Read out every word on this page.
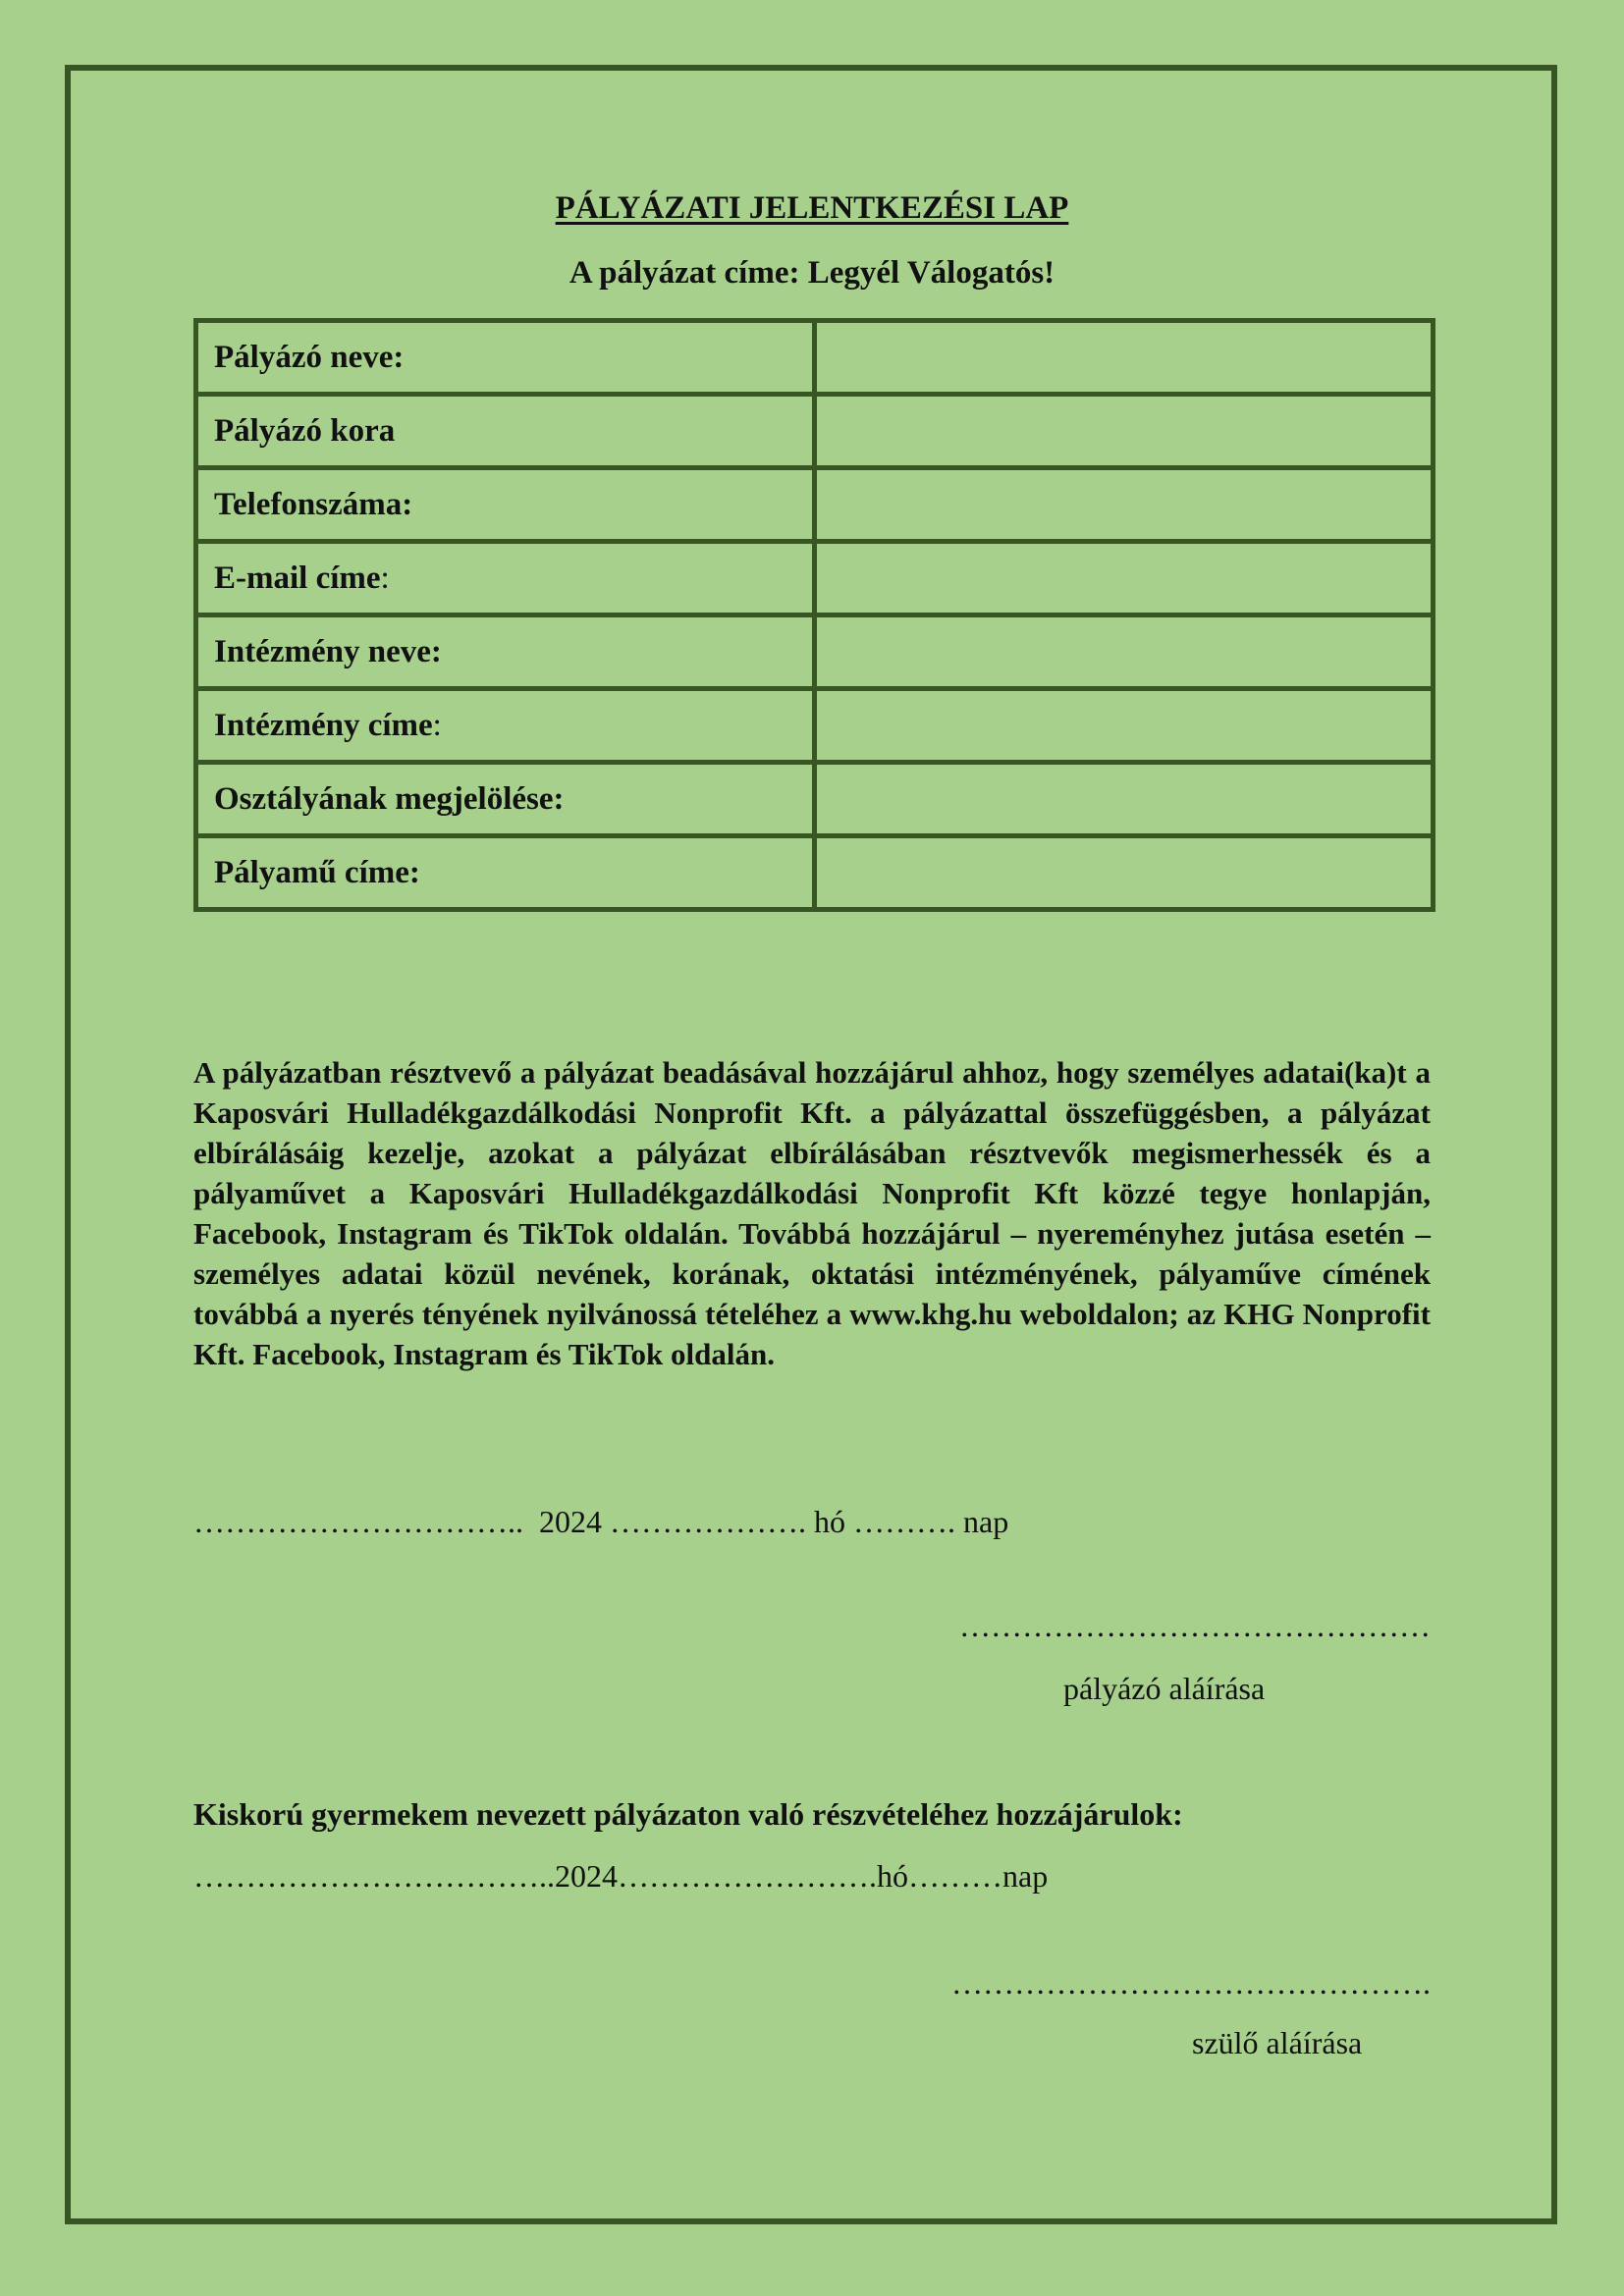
PÁLYÁZATI JELENTKEZÉSI LAP
A pályázat címe: Legyél Válogatós!
Pályázó neve:	
Pályázó kora	
Telefonszáma:	
E-mail címe:	
Intézmény neve:	
Intézmény címe:	
Osztályának megjelölése:	
Pályamű címe:	

A pályázatban résztvevő a pályázat beadásával hozzájárul ahhoz, hogy személyes adatai(ka)t a Kaposvári Hulladékgazdálkodási Nonprofit Kft. a pályázattal összefüggésben, a pályázat elbírálásáig kezelje, azokat a pályázat elbírálásában résztvevők megismerhessék és a pályaművet a Kaposvári Hulladékgazdálkodási Nonprofit Kft közzé tegye honlapján, Facebook, Instagram és TikTok oldalán. Továbbá hozzájárul – nyereményhez jutása esetén – személyes adatai közül nevének, korának, oktatási intézményének, pályaműve címének továbbá a nyerés tényének nyilvánossá tételéhez a www.khg.hu weboldalon; az KHG Nonprofit Kft. Facebook, Instagram és TikTok oldalán.

…………………………..  2024 ………………. hó ………. nap
………………………………………
pályázó aláírása
Kiskorú gyermekem nevezett pályázaton való részvételéhez hozzájárulok:
……………………………..2024…………………….hó………nap
……………………………………….
szülő aláírása
